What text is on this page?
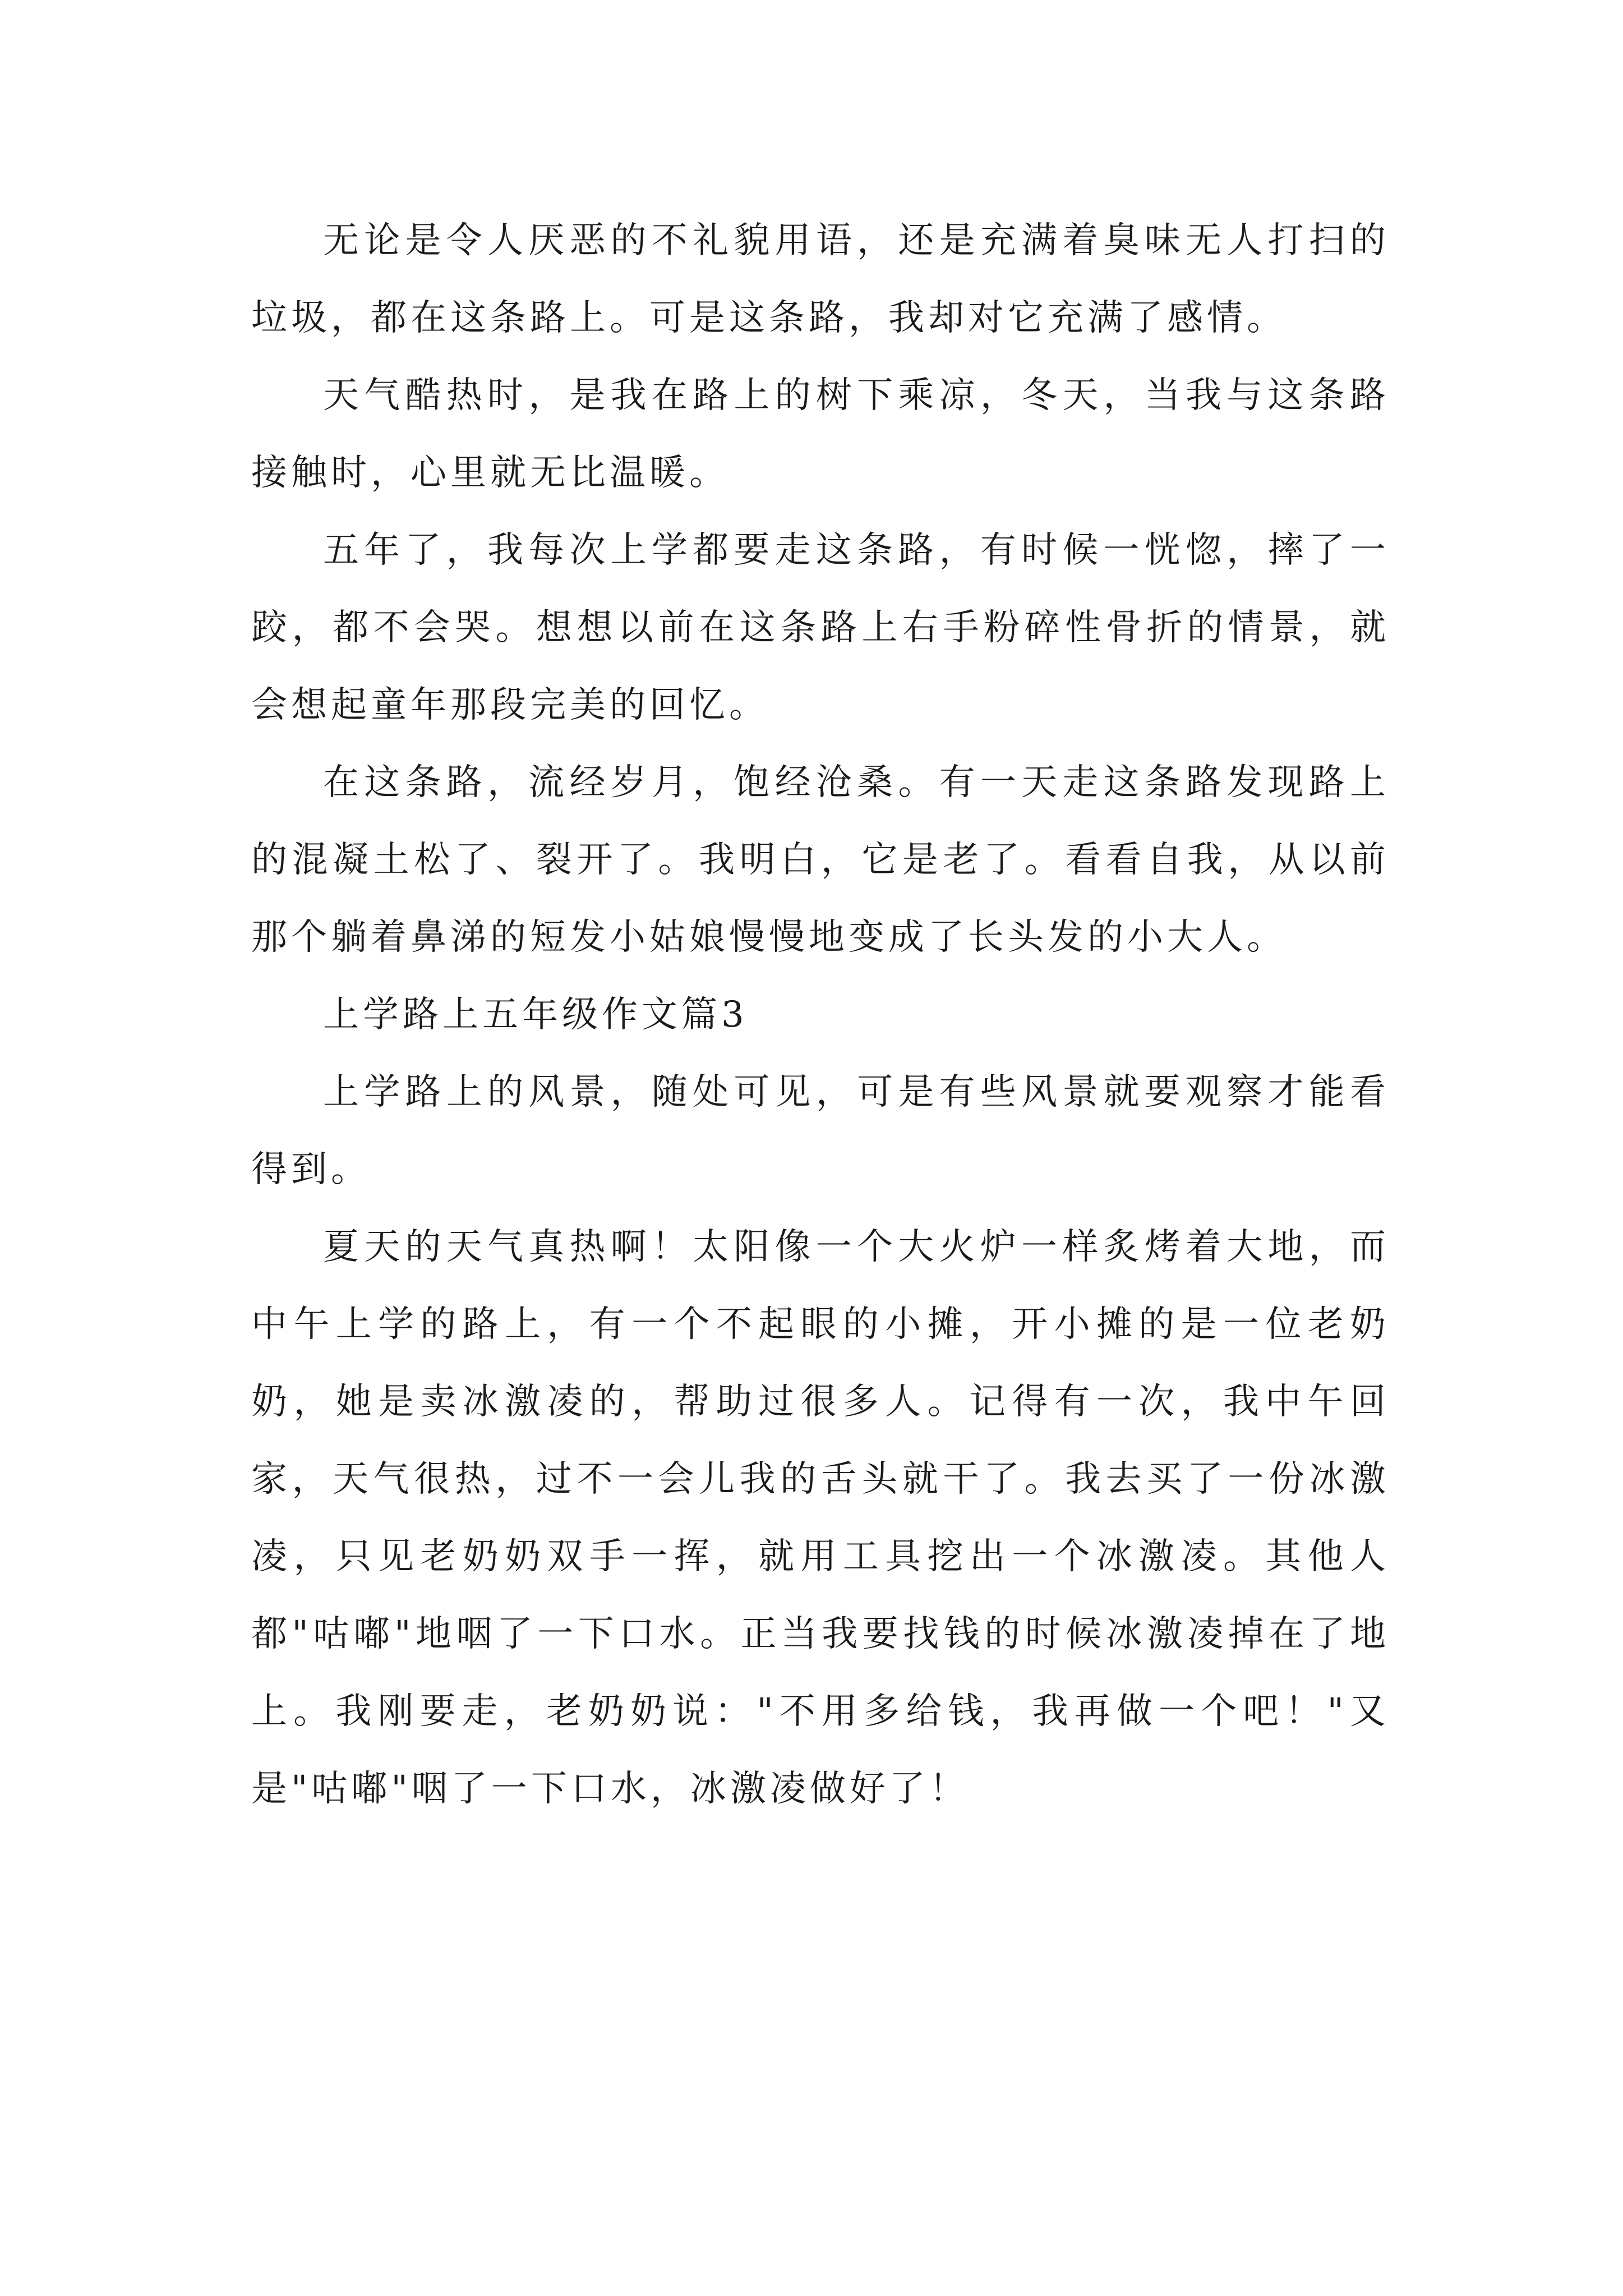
无论是令人厌恶的不礼貌用语，还是充满着臭味无人打扫的垃圾，都在这条路上。可是这条路，我却对它充满了感情。

天气酷热时，是我在路上的树下乘凉，冬天，当我与这条路接触时，心里就无比温暖。

五年了，我每次上学都要走这条路，有时候一恍惚，摔了一跤，都不会哭。想想以前在这条路上右手粉碎性骨折的情景，就会想起童年那段完美的回忆。

在这条路，流经岁月，饱经沧桑。有一天走这条路发现路上的混凝土松了、裂开了。我明白，它是老了。看看自我，从以前那个躺着鼻涕的短发小姑娘慢慢地变成了长头发的小大人。

上学路上五年级作文篇3

上学路上的风景，随处可见，可是有些风景就要观察才能看得到。

夏天的天气真热啊！太阳像一个大火炉一样炙烤着大地，而中午上学的路上，有一个不起眼的小摊，开小摊的是一位老奶奶，她是卖冰激凌的，帮助过很多人。记得有一次，我中午回家，天气很热，过不一会儿我的舌头就干了。我去买了一份冰激凌，只见老奶奶双手一挥，就用工具挖出一个冰激凌。其他人都"咕嘟"地咽了一下口水。正当我要找钱的时候冰激凌掉在了地上。我刚要走，老奶奶说："不用多给钱，我再做一个吧！"又是"咕嘟"咽了一下口水，冰激凌做好了！
